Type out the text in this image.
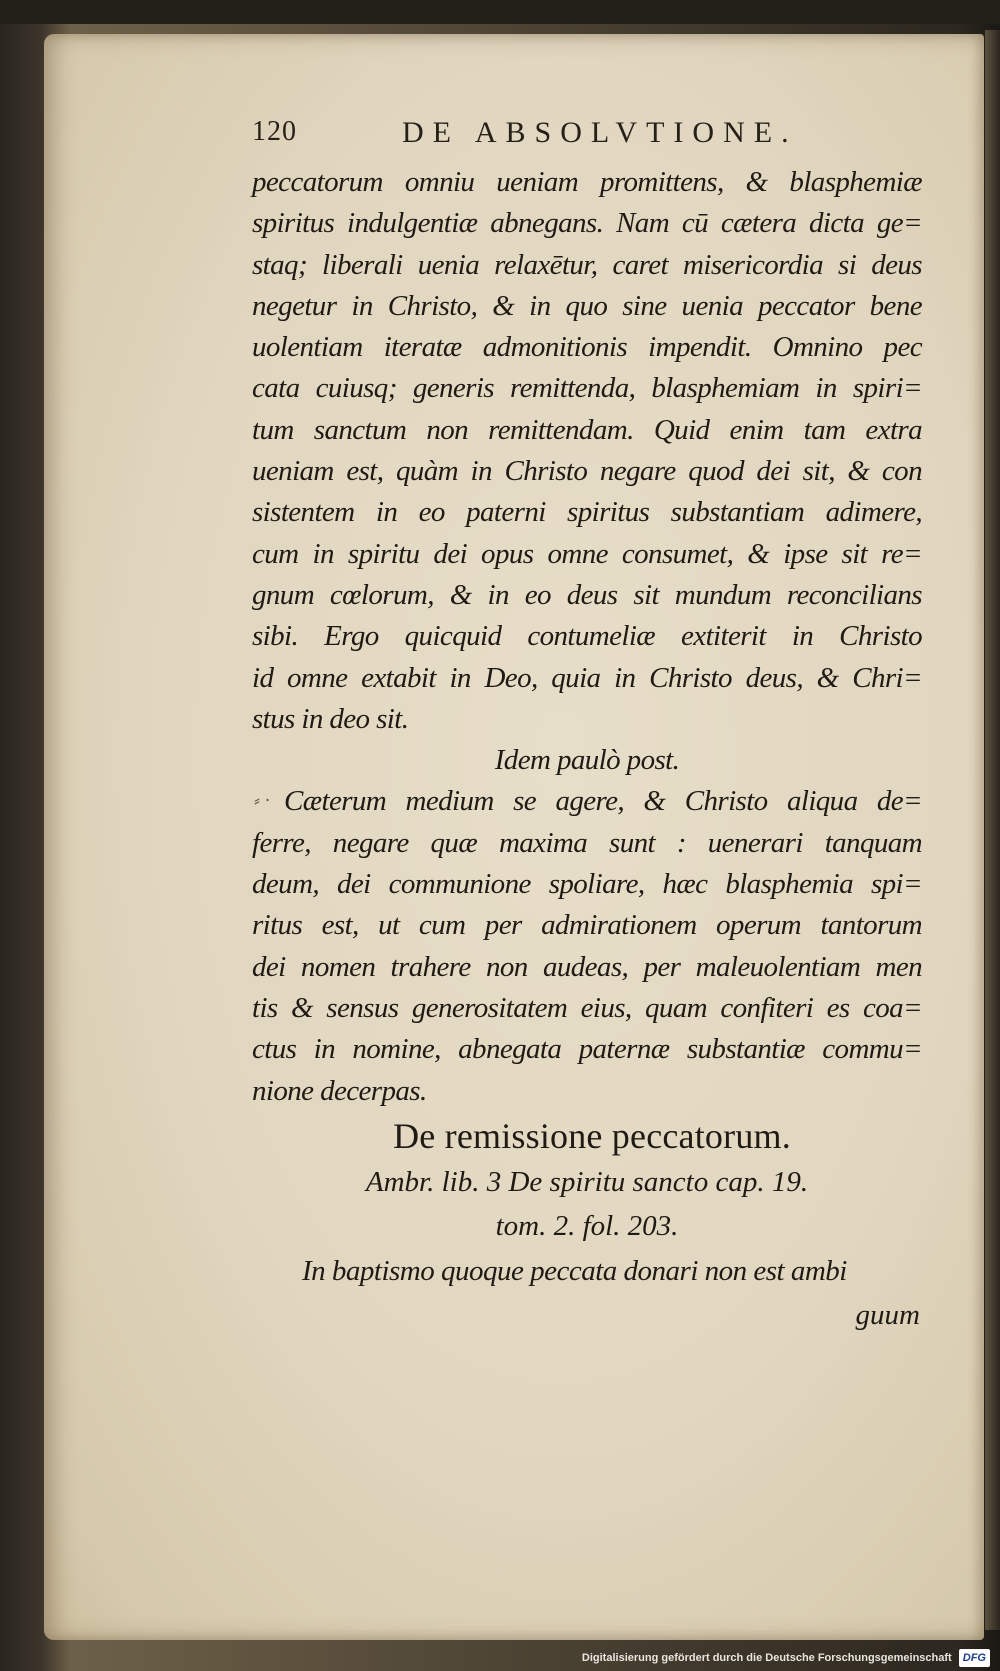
120	DE ABSOLVTIONE.
peccatorum omniu ueniam promittens, & blasphemiæ
spiritus indulgentiæ abnegans. Nam cū cætera dicta ge=
staq; liberali uenia relaxētur, caret misericordia si deus
negetur in Christo, & in quo sine uenia peccator bene
uolentiam iteratæ admonitionis impendit. Omnino pec
cata cuiusq; generis remittenda, blasphemiam in spiri=
tum sanctum non remittendam. Quid enim tam extra
ueniam est, quàm in Christo negare quod dei sit, & con
sistentem in eo paterni spiritus substantiam adimere,
cum in spiritu dei opus omne consumet, & ipse sit re=
gnum cœlorum, & in eo deus sit mundum reconcilians
sibi. Ergo quicquid contumeliæ extiterit in Christo
id omne extabit in Deo, quia in Christo deus, & Chri=
stus in deo sit.
Idem paulò post.
Cæterum medium se agere, & Christo aliqua de=
ferre, negare quæ maxima sunt : uenerari tanquam
deum, dei communione spoliare, hæc blasphemia spi=
ritus est, ut cum per admirationem operum tantorum
dei nomen trahere non audeas, per maleuolentiam men
tis & sensus generositatem eius, quam confiteri es coa=
ctus in nomine, abnegata paternæ substantiæ commu=
nione decerpas.
⸗ ·
De remissione peccatorum.
Ambr. lib. 3 De spiritu sancto cap. 19.
tom. 2. fol. 203.
In baptismo quoque peccata donari non est ambi
guum
Digitalisierung gefördert durch die Deutsche Forschungsgemeinschaft DFG
